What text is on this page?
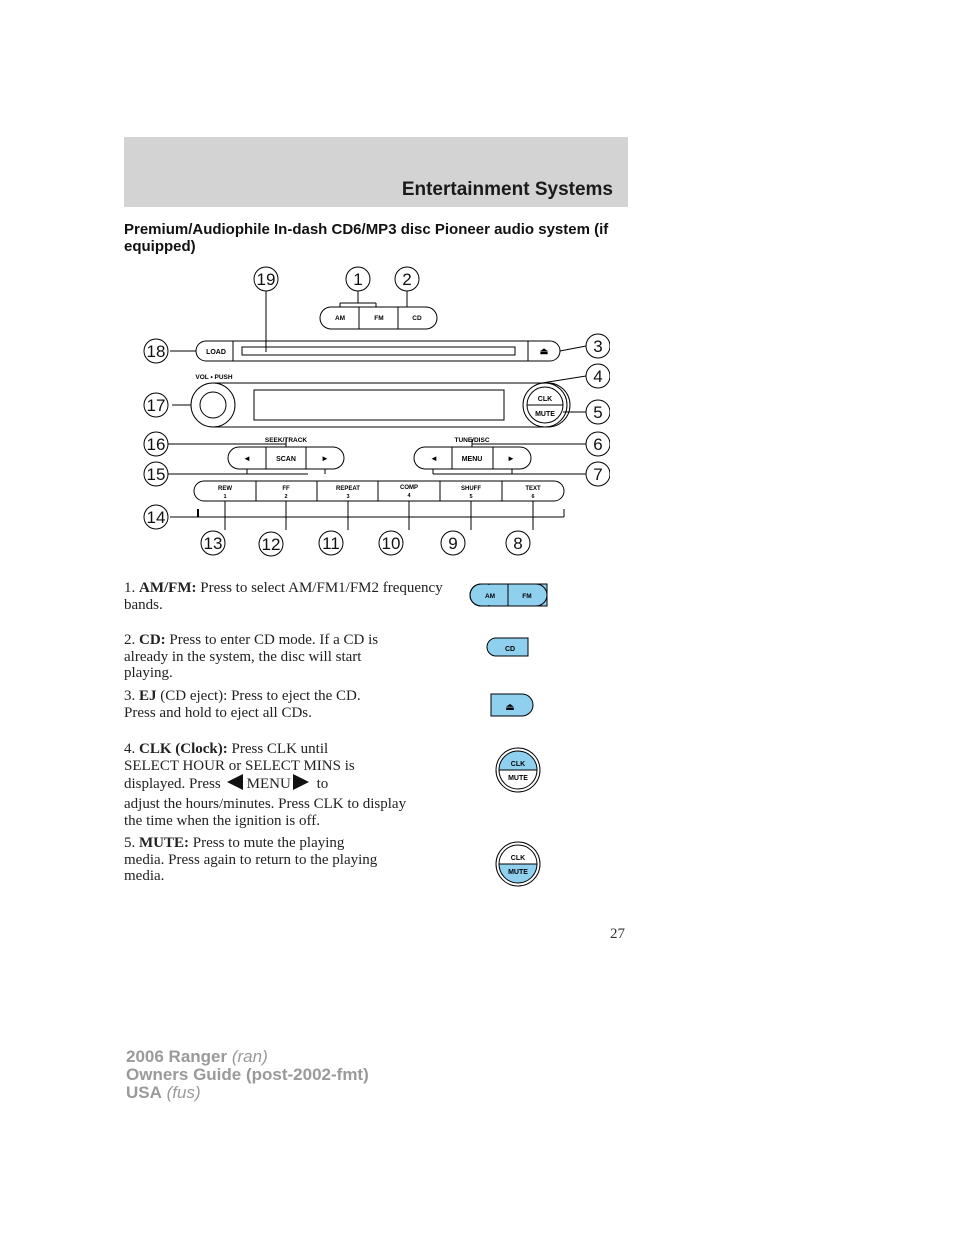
Entertainment Systems
Premium/Audiophile In-dash CD6/MP3 disc Pioneer audio system (if equipped)
AM	FM	CD
LOAD	⏏
VOL • PUSH
CLK
MUTE
SEEK/TRACK
◄	SCAN	►
TUNE/DISC
◄	MENU	►
REW
1
FF
2
REPEAT
3
COMP
4
SHUFF
5
TEXT
6
19	1 2
3
4
5
6
7
18
17
16
15
14
13 12 11 10	9	8
1. AM/FM: Press to select AM/FM1/FM2 frequency bands.
2. CD: Press to enter CD mode. If a CD is already in the system, the disc will start playing.
3. EJ (CD eject): Press to eject the CD. Press and hold to eject all CDs.
4. CLK (Clock): Press CLK until SELECT HOUR or SELECT MINS is displayed. Press MENU to
adjust the hours/minutes. Press CLK to display the time when the ignition is off.
5. MUTE: Press to mute the playing media. Press again to return to the playing media.
AM	FM
CD
⏏
CLK
MUTE
CLK
MUTE
27
2006 Ranger (ran)
Owners Guide (post-2002-fmt)
USA (fus)
